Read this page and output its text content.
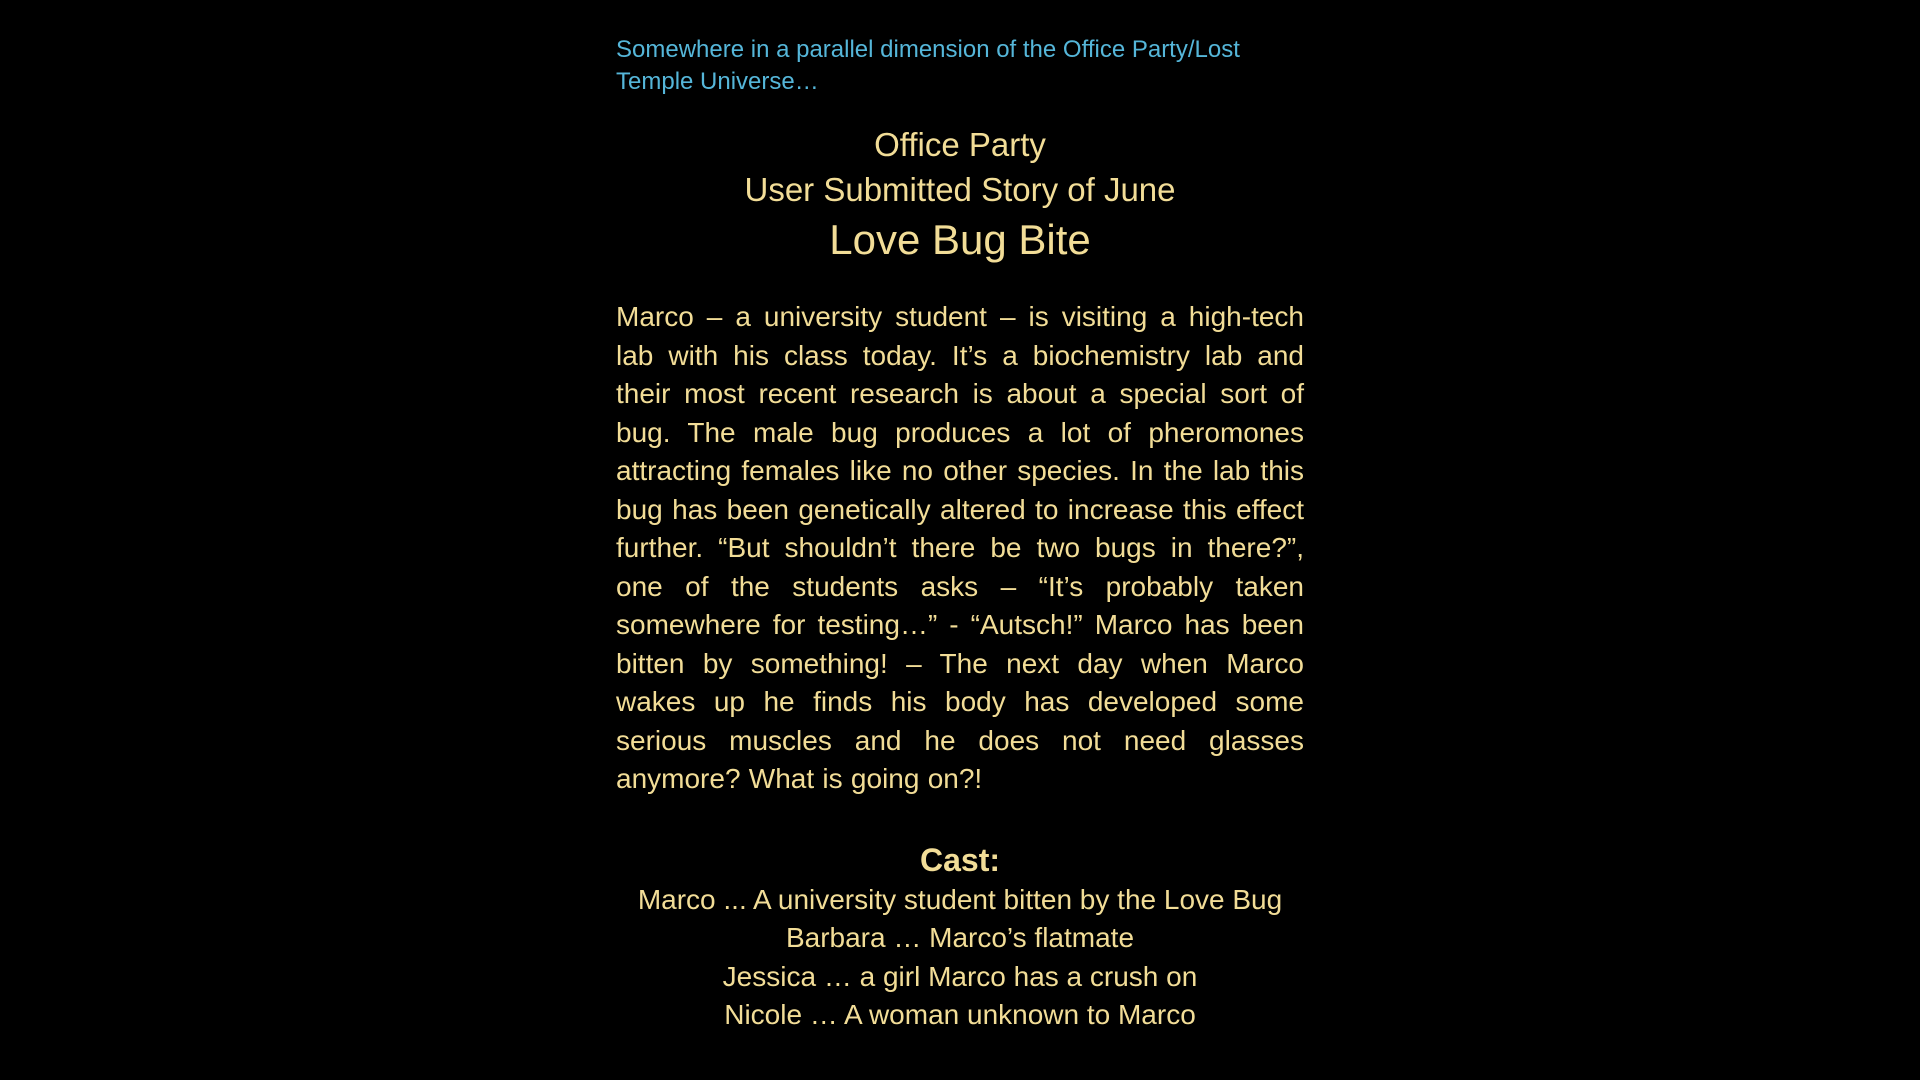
Somewhere in a parallel dimension of the Office Party/Lost Temple Universe…

Office Party

User Submitted Story of June

Love Bug Bite

Marco – a university student – is visiting a high-tech lab with his class today. It’s a biochemistry lab and their most recent research is about a special sort of bug. The male bug produces a lot of pheromones attracting females like no other species. In the lab this bug has been genetically altered to increase this effect further. “But shouldn’t there be two bugs in there?”, one of the students asks – “It’s probably taken somewhere for testing…” - “Autsch!” Marco has been bitten by something! – The next day when Marco wakes up he finds his body has developed some serious muscles and he does not need glasses anymore? What is going on?!

Cast:

Marco ... A university student bitten by the Love Bug
Barbara … Marco’s flatmate
Jessica … a girl Marco has a crush on
Nicole … A woman unknown to Marco
